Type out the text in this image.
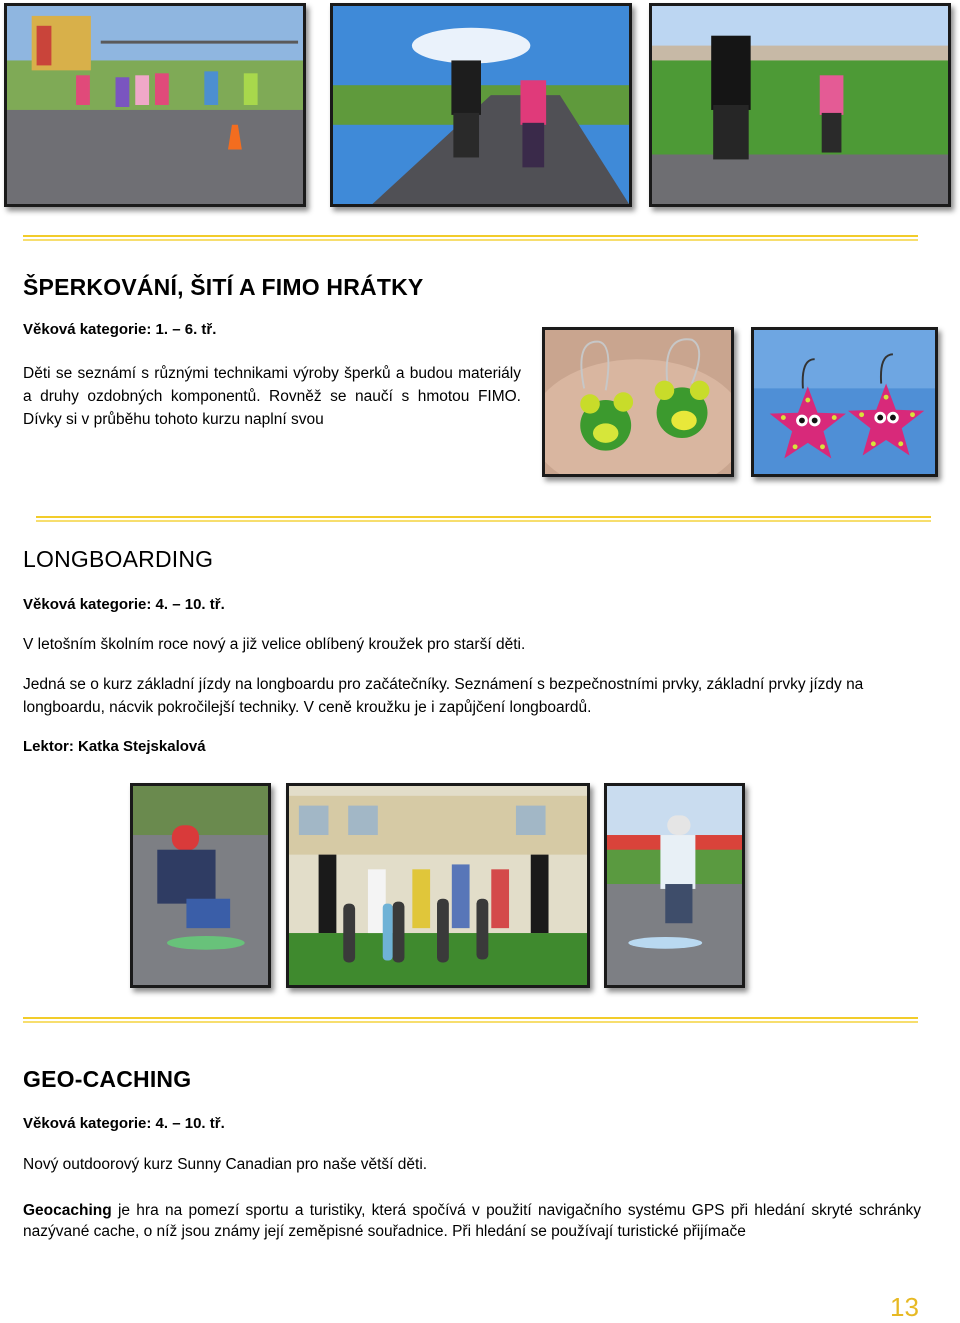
ŠPERKOVÁNÍ, ŠITÍ A FIMO HRÁTKY
Věková kategorie: 1. – 6. tř.
Děti se seznámí s různými technikami výroby šperků a budou materiály a druhy ozdobných komponentů. Rovněž se naučí s hmotou FIMO. Dívky si v průběhu tohoto kurzu naplní svou
LONGBOARDING
Věková kategorie: 4. – 10. tř.
V letošním školním roce nový a již velice oblíbený kroužek pro starší děti.
Jedná se o kurz základní jízdy na longboardu pro začátečníky. Seznámení s bezpečnostními prvky, základní prvky jízdy na longboardu, nácvik pokročilejší techniky. V ceně kroužku je i zapůjčení longboardů.
Lektor: Katka Stejskalová
GEO-CACHING
Věková kategorie: 4. – 10. tř.
Nový outdoorový kurz Sunny Canadian pro naše větší děti.
Geocaching je hra na pomezí sportu a turistiky, která spočívá v použití navigačního systému GPS při hledání skryté schránky nazývané cache, o níž jsou známy její zeměpisné souřadnice. Při hledání se používají turistické přijímače
13
